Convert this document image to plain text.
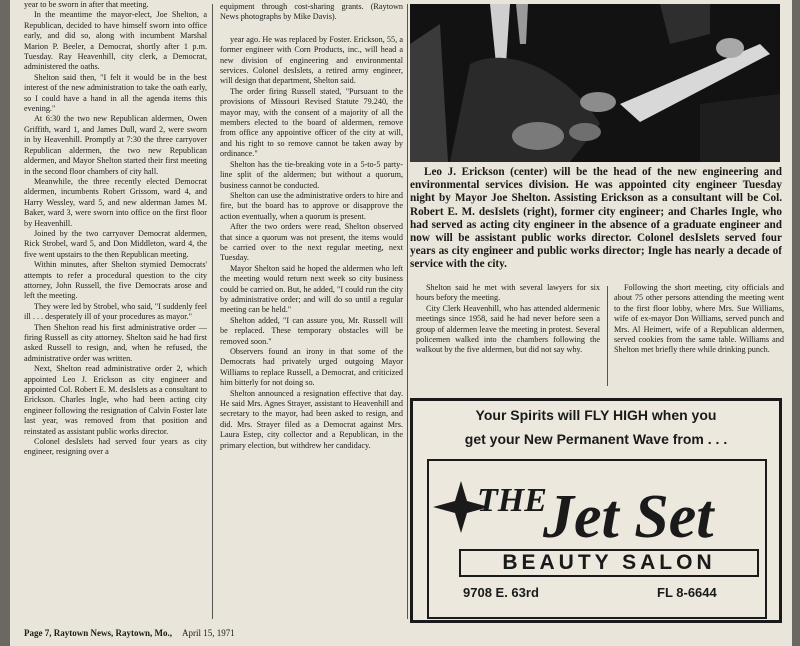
year to be sworn in after that meeting.

In the meantime the mayor-elect, Joe Shelton, a Republican, decided to have himself sworn into office early, and did so, along with incumbent Marshal Marion P. Beeler, a Democrat, shortly after 1 p.m. Tuesday. Ray Heavenhill, city clerk, a Democrat, administered the oaths.

Shelton said then, "I felt it would be in the best interest of the new administration to take the oath early, so I could have a hand in all the agenda items this evening."

At 6:30 the two new Republican aldermen, Owen Griffith, ward 1, and James Dull, ward 2, were sworn in by Heavenhill. Promptly at 7:30 the three carryover Republican aldermen, the two new Republican aldermen, and Mayor Shelton started their first meeting in the second floor chambers of city hall.

Meanwhile, the three recently elected Democrat aldermen, incumbents Robert Grissom, ward 4, and Harry Wessley, ward 5, and new alderman James M. Baker, ward 3, were sworn into office on the first floor by Heavenhill.

Joined by the two carryover Democrat aldermen, Rick Strobel, ward 5, and Don Middleton, ward 4, the five went upstairs to the then Republican meeting.

Within minutes, after Shelton stymied Democrats' attempts to refer a procedural question to the city attorney, John Russell, the five Democrats arose and left the meeting.

They were led by Strobel, who said, "I suddenly feel ill . . . desperately ill of your procedures as mayor."

Then Shelton read his first administrative order — firing Russell as city attorney. Shelton said he had first asked Russell to resign, and, when he refused, the administrative order was written.

Next, Shelton read administrative order 2, which appointed Leo J. Erickson as city engineer and appointed Col. Robert E. M. desIslets as a consultant to Erickson. Charles Ingle, who had been acting city engineer following the resignation of Calvin Foster late last year, was removed from that position and reinstated as assistant public works director.

Colonel desIslets had served four years as city engineer, resigning over a

equipment through cost-sharing grants. (Raytown News photographs by Mike Davis).

year ago. He was replaced by Foster. Erickson, 55, a former engineer with Corn Products, inc., will head a new division of engineering and environmental services. Colonel desIslets, a retired army engineer, will design that department, Shelton said.

The order firing Russell stated, "Pursuant to the provisions of Missouri Revised Statute 79.240, the mayor may, with the consent of a majority of all the members elected to the board of aldermen, remove from office any appointive officer of the city at will, and his right to so remove cannot be taken away by ordinance."

Shelton has the tie-breaking vote in a 5-to-5 party-line split of the aldermen; but without a quorum, business cannot be conducted.

Shelton can use the administrative orders to hire and fire, but the board has to approve or disapprove the action eventually, when a quorum is present.

After the two orders were read, Shelton observed that since a quorum was not present, the items would be carried over to the next regular meeting, next Tuesday.

Mayor Shelton said he hoped the aldermen who left the meeting would return next week so city business could be carried on. But, he added, "I could run the city by administrative order; and will do so until a regular meeting can be held."

Shelton added, "I can assure you, Mr. Russell will be replaced. These temporary obstacles will be removed soon."

Observers found an irony in that some of the Democrats had privately urged outgoing Mayor Williams to replace Russell, a Democrat, and criticized him bitterly for not doing so.

Shelton announced a resignation effective that day. He said Mrs. Agnes Strayer, assistant to Heavenhill and secretary to the mayor, had been asked to resign, and did. Mrs. Strayer filed as a Democrat against Mrs. Laura Estep, city collector and a Republican, in the primary election, but withdrew her candidacy.

Leo J. Erickson (center) will be the head of the new engineering and environmental services division. He was appointed city engineer Tuesday night by Mayor Joe Shelton. Assisting Erickson as a consultant will be Col. Robert E. M. desIslets (right), former city engineer; and Charles Ingle, who had served as acting city engineer in the absence of a graduate engineer and now will be assistant public works director. Colonel desIslets served four years as city engineer and public works director; Ingle has nearly a decade of service with the city.

Shelton said he met with several lawyers for six hours befory the meeting.

City Clerk Heavenhill, who has attended aldermenic meetings since 1958, said he had never before seen a group of aldermen leave the meeting in protest. Several policemen walked into the chambers following the walkout by the five aldermen, but did not say why.

Following the short meeting, city officials and about 75 other persons attending the meeting went to the first floor lobby, where Mrs. Sue Williams, wife of ex-mayor Don Williams, served punch and Mrs. Al Heimert, wife of a Republican aldermen, served cookies from the same table. Williams and Shelton met briefly there while drinking punch.

Your Spirits will FLY HIGH when you
get your New Permanent Wave from . . .
THE
Jet Set
BEAUTY SALON
9708 E. 63rd	FL 8-6644
Page 7, Raytown News, Raytown, Mo., April 15, 1971
